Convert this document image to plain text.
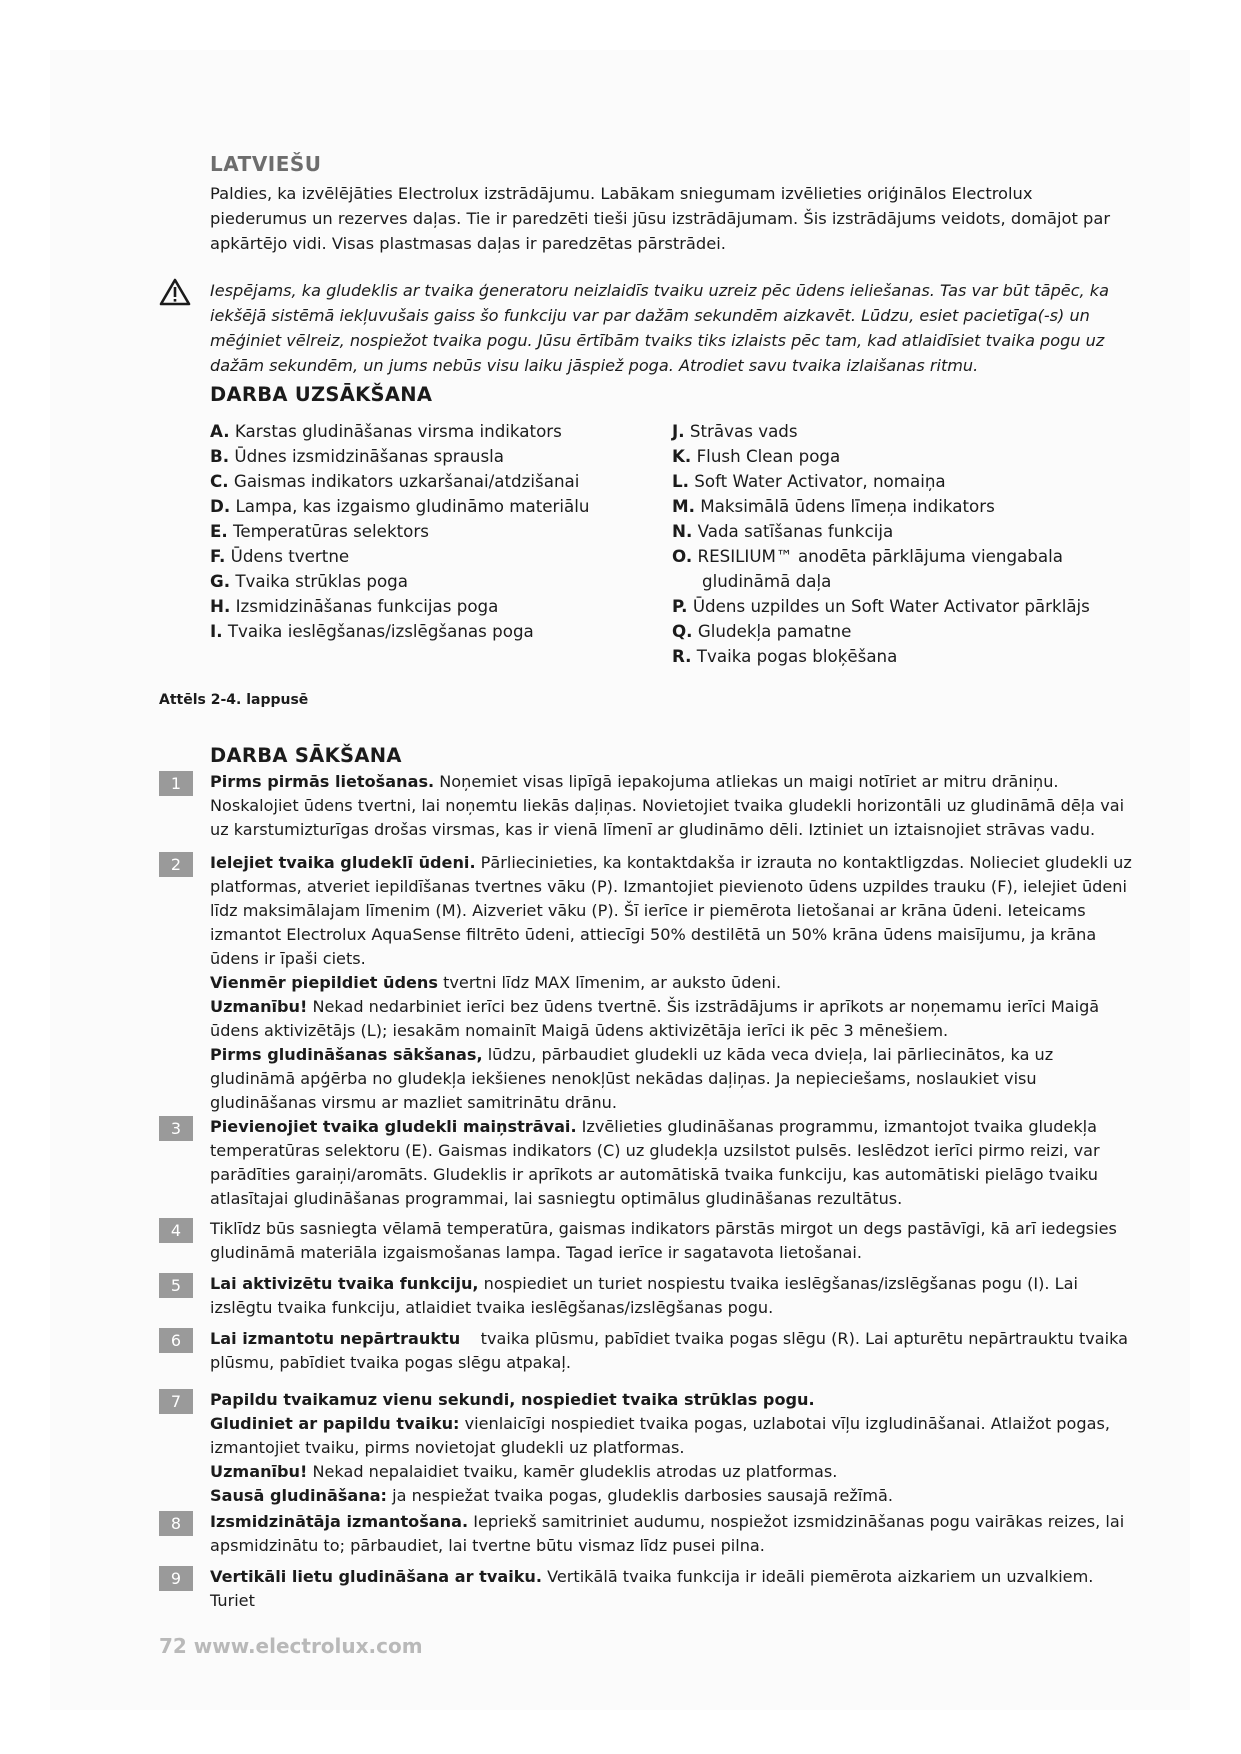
LATVIEŠU
Paldies, ka izvēlējāties Electrolux izstrādājumu. Labākam sniegumam izvēlieties oriģinālos Electrolux piederumus un rezerves daļas. Tie ir paredzēti tieši jūsu izstrādājumam. Šis izstrādājums veidots, domājot par apkārtējo vidi. Visas plastmasas daļas ir paredzētas pārstrādei.
Iespējams, ka gludeklis ar tvaika ģeneratoru neizlaidīs tvaiku uzreiz pēc ūdens ieliešanas. Tas var būt tāpēc, ka iekšējā sistēmā iekļuvušais gaiss šo funkciju var par dažām sekundēm aizkavēt. Lūdzu, esiet pacietīga(-s) un mēģiniet vēlreiz, nospiežot tvaika pogu. Jūsu ērtībām tvaiks tiks izlaists pēc tam, kad atlaidīsiet tvaika pogu uz dažām sekundēm, un jums nebūs visu laiku jāspiež poga. Atrodiet savu tvaika izlaišanas ritmu.
DARBA UZSĀKŠANA
A. Karstas gludināšanas virsma indikators
B. Ūdnes izsmidzināšanas sprausla
C. Gaismas indikators uzkaršanai/atdzišanai
D. Lampa, kas izgaismo gludināmo materiālu
E. Temperatūras selektors
F. Ūdens tvertne
G. Tvaika strūklas poga
H. Izsmidzināšanas funkcijas poga
I. Tvaika ieslēgšanas/izslēgšanas poga
J. Strāvas vads
K. Flush Clean poga
L. Soft Water Activator, nomaiņa
M. Maksimālā ūdens līmeņa indikators
N. Vada satīšanas funkcija
O. RESILIUM™ anodēta pārklājuma viengabala
gludināmā daļa
P. Ūdens uzpildes un Soft Water Activator pārklājs
Q. Gludekļa pamatne
R. Tvaika pogas bloķēšana
Attēls 2-4. lappusē
DARBA SĀKŠANA
1	Pirms pirmās lietošanas. Noņemiet visas lipīgā iepakojuma atliekas un maigi notīriet ar mitru drāniņu. Noskalojiet ūdens tvertni, lai noņemtu liekās daļiņas. Novietojiet tvaika gludekli horizontāli uz gludināmā dēļa vai uz karstumizturīgas drošas virsmas, kas ir vienā līmenī ar gludināmo dēli. Iztiniet un iztaisnojiet strāvas vadu.

2	Ielejiet tvaika gludeklī ūdeni. Pārliecinieties, ka kontaktdakša ir izrauta no kontaktligzdas. Nolieciet gludekli uz platformas, atveriet iepildīšanas tvertnes vāku (P). Izmantojiet pievienoto ūdens uzpildes trauku (F), ielejiet ūdeni līdz maksimālajam līmenim (M). Aizveriet vāku (P). Šī ierīce ir piemērota lietošanai ar krāna ūdeni. Ieteicams izmantot Electrolux AquaSense filtrēto ūdeni, attiecīgi 50% destilētā un 50% krāna ūdens maisījumu, ja krāna ūdens ir īpaši ciets.

Vienmēr piepildiet ūdens tvertni līdz MAX līmenim, ar auksto ūdeni.

Uzmanību! Nekad nedarbiniet ierīci bez ūdens tvertnē. Šis izstrādājums ir aprīkots ar noņemamu ierīci Maigā ūdens aktivizētājs (L); iesakām nomainīt Maigā ūdens aktivizētāja ierīci ik pēc 3 mēnešiem.

Pirms gludināšanas sākšanas, lūdzu, pārbaudiet gludekli uz kāda veca dvieļa, lai pārliecinātos, ka uz gludināmā apģērba no gludekļa iekšienes nenokļūst nekādas daļiņas. Ja nepieciešams, noslaukiet visu gludināšanas virsmu ar mazliet samitrinātu drānu.

3	Pievienojiet tvaika gludekli maiņstrāvai. Izvēlieties gludināšanas programmu, izmantojot tvaika gludekļa temperatūras selektoru (E). Gaismas indikators (C) uz gludekļa uzsilstot pulsēs. Ieslēdzot ierīci pirmo reizi, var parādīties garaiņi/aromāts. Gludeklis ir aprīkots ar automātiskā tvaika funkciju, kas automātiski pielāgo tvaiku atlasītajai gludināšanas programmai, lai sasniegtu optimālus gludināšanas rezultātus.

4	Tiklīdz būs sasniegta vēlamā temperatūra, gaismas indikators pārstās mirgot un degs pastāvīgi, kā arī iedegsies gludināmā materiāla izgaismošanas lampa. Tagad ierīce ir sagatavota lietošanai.

5	Lai aktivizētu tvaika funkciju, nospiediet un turiet nospiestu tvaika ieslēgšanas/izslēgšanas pogu (I). Lai izslēgtu tvaika funkciju, atlaidiet tvaika ieslēgšanas/izslēgšanas pogu.

6	Lai izmantotu nepārtrauktu    tvaika plūsmu, pabīdiet tvaika pogas slēgu (R). Lai apturētu nepārtrauktu tvaika plūsmu, pabīdiet tvaika pogas slēgu atpakaļ.

7	Papildu tvaikamuz vienu sekundi, nospiediet tvaika strūklas pogu.

Gludiniet ar papildu tvaiku: vienlaicīgi nospiediet tvaika pogas, uzlabotai vīļu izgludināšanai. Atlaižot pogas, izmantojiet tvaiku, pirms novietojat gludekli uz platformas.

Uzmanību! Nekad nepalaidiet tvaiku, kamēr gludeklis atrodas uz platformas.

Sausā gludināšana: ja nespiežat tvaika pogas, gludeklis darbosies sausajā režīmā.

8	Izsmidzinātāja izmantošana. Iepriekš samitriniet audumu, nospiežot izsmidzināšanas pogu vairākas reizes, lai apsmidzinātu to; pārbaudiet, lai tvertne būtu vismaz līdz pusei pilna.

9	Vertikāli lietu gludināšana ar tvaiku. Vertikālā tvaika funkcija ir ideāli piemērota aizkariem un uzvalkiem. Turiet

72 www.electrolux.com
